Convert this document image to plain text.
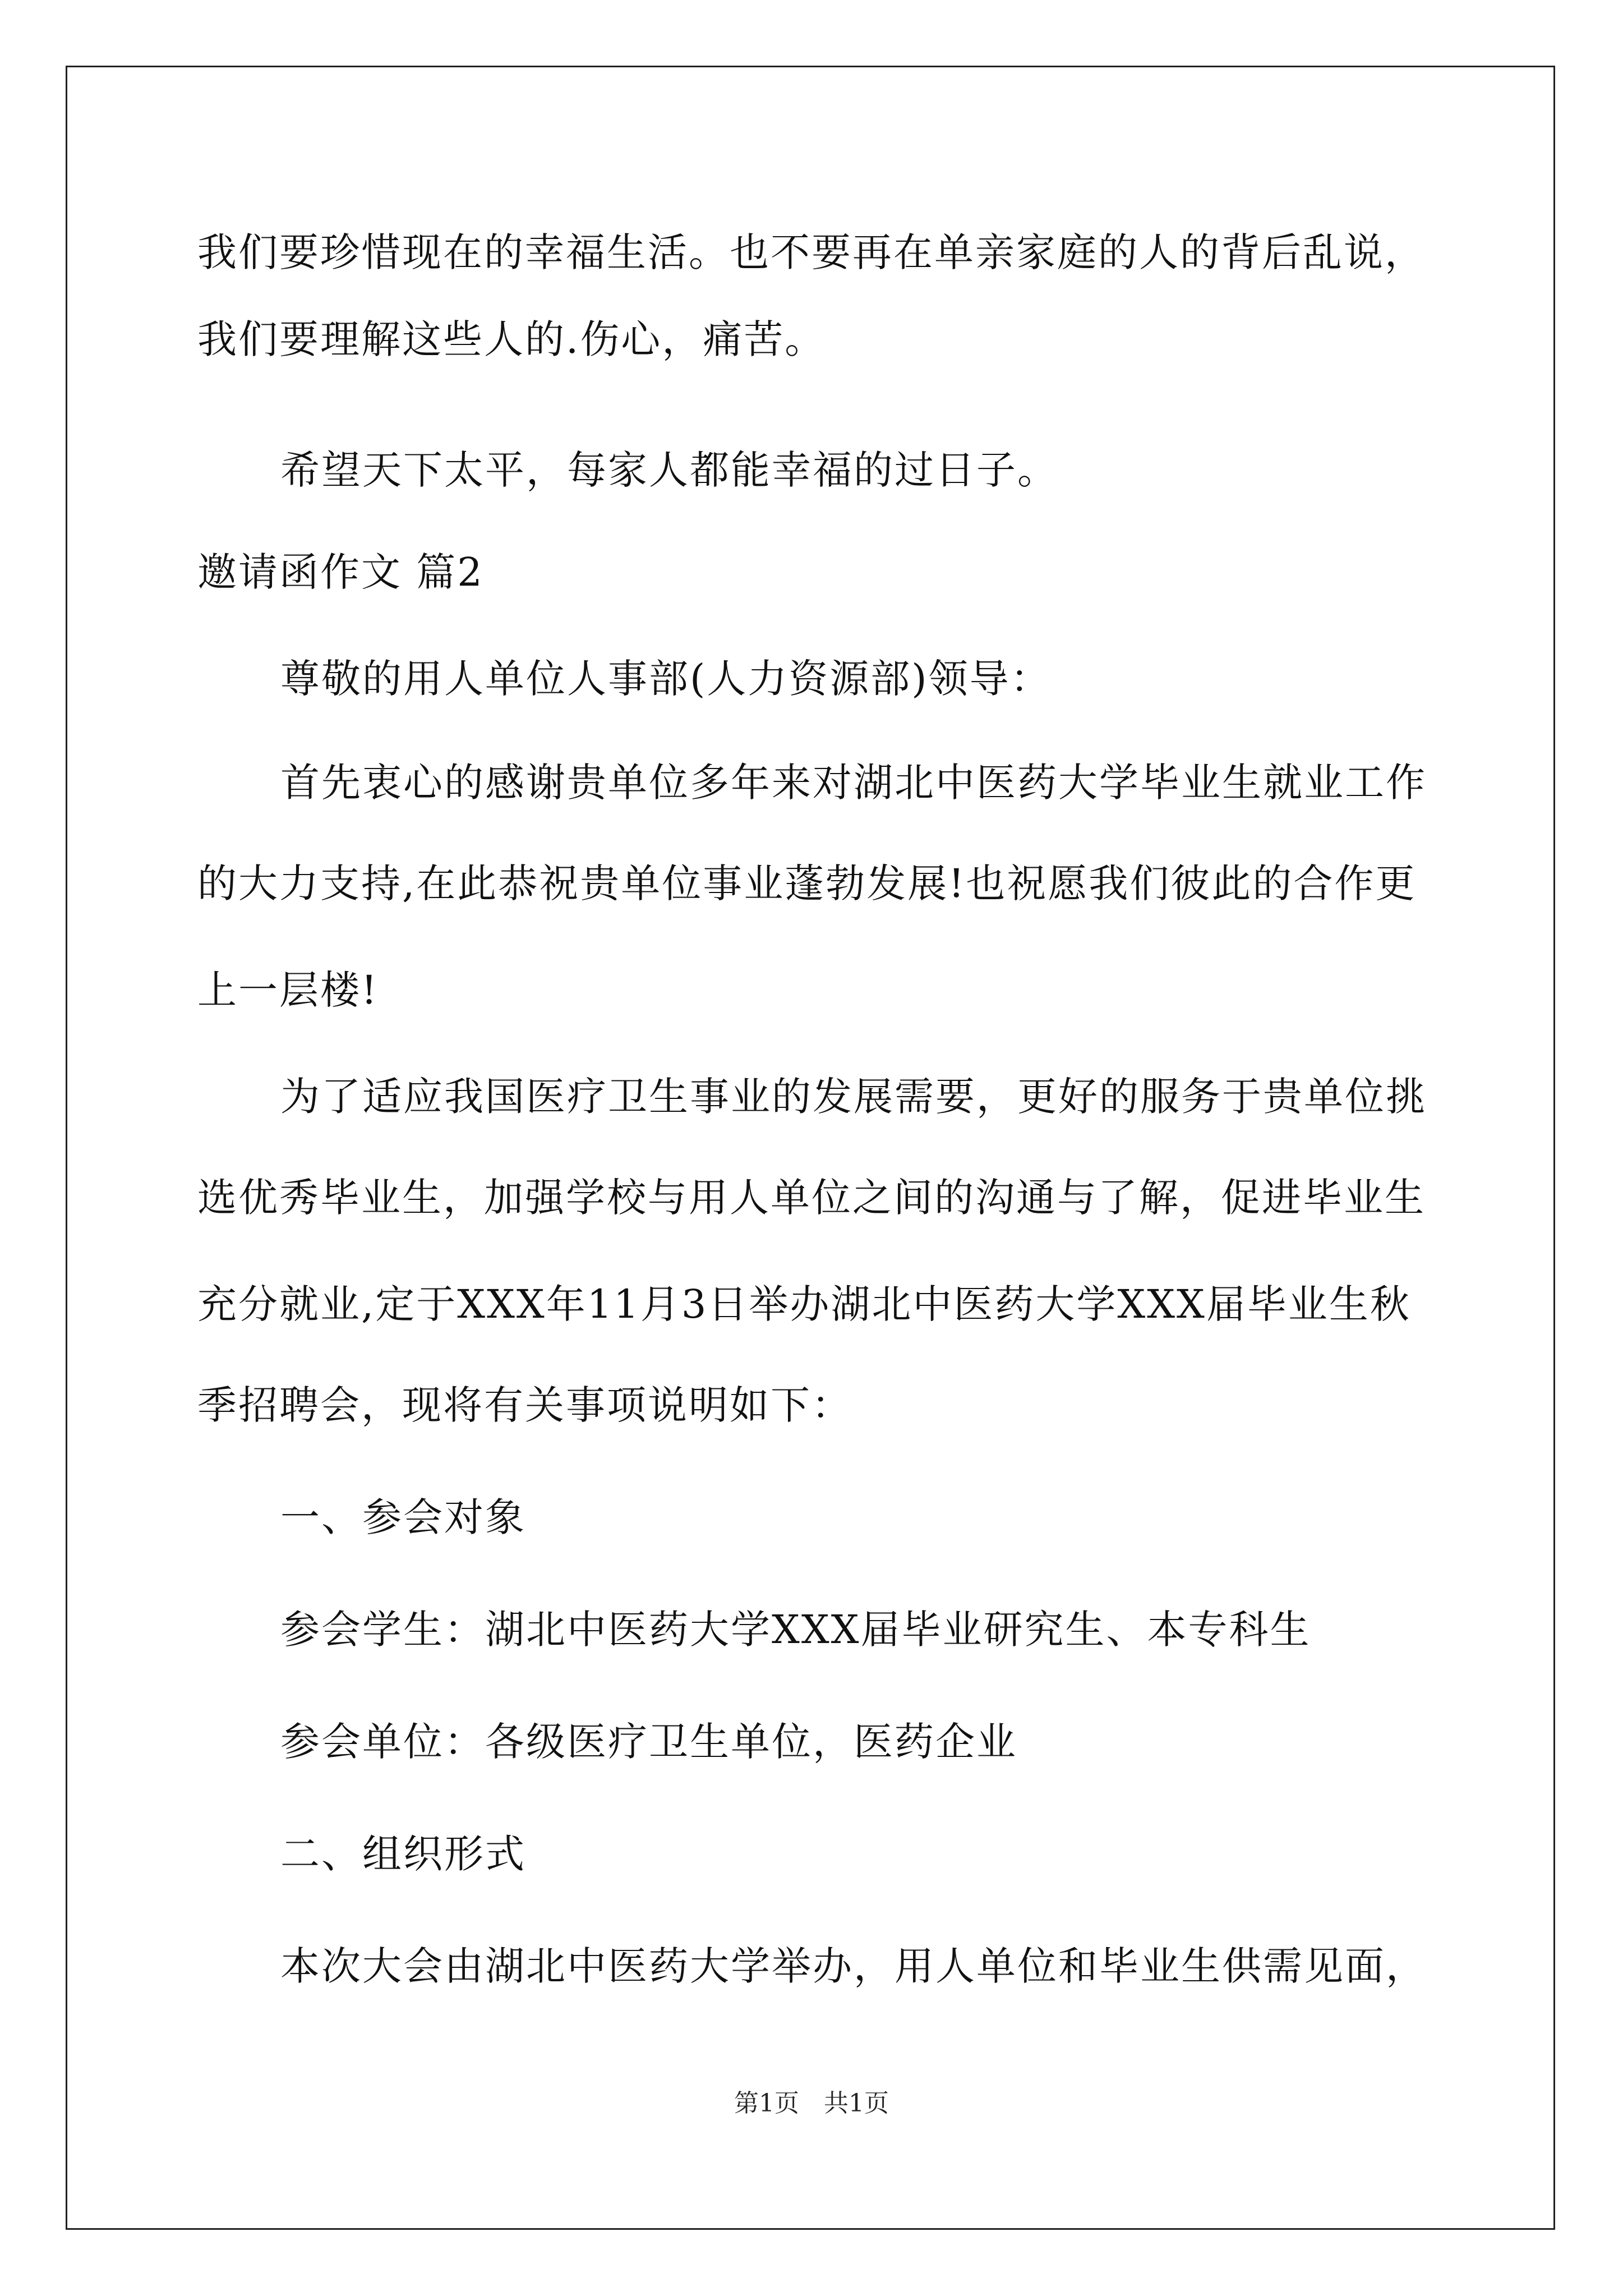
我们要珍惜现在的幸福生活。也不要再在单亲家庭的人的背后乱说，
我们要理解这些人的.伤心，痛苦。
希望天下太平，每家人都能幸福的过日子。
邀请函作文 篇2
尊敬的用人单位人事部(人力资源部)领导：
首先衷心的感谢贵单位多年来对湖北中医药大学毕业生就业工作
的大力支持,在此恭祝贵单位事业蓬勃发展!也祝愿我们彼此的合作更
上一层楼!
为了适应我国医疗卫生事业的发展需要，更好的服务于贵单位挑
选优秀毕业生，加强学校与用人单位之间的沟通与了解，促进毕业生
充分就业,定于XXX年11月3日举办湖北中医药大学XXX届毕业生秋
季招聘会，现将有关事项说明如下：
一、参会对象
参会学生：湖北中医药大学XXX届毕业研究生、本专科生
参会单位：各级医疗卫生单位，医药企业
二、组织形式
本次大会由湖北中医药大学举办，用人单位和毕业生供需见面，
第1页　共1页
